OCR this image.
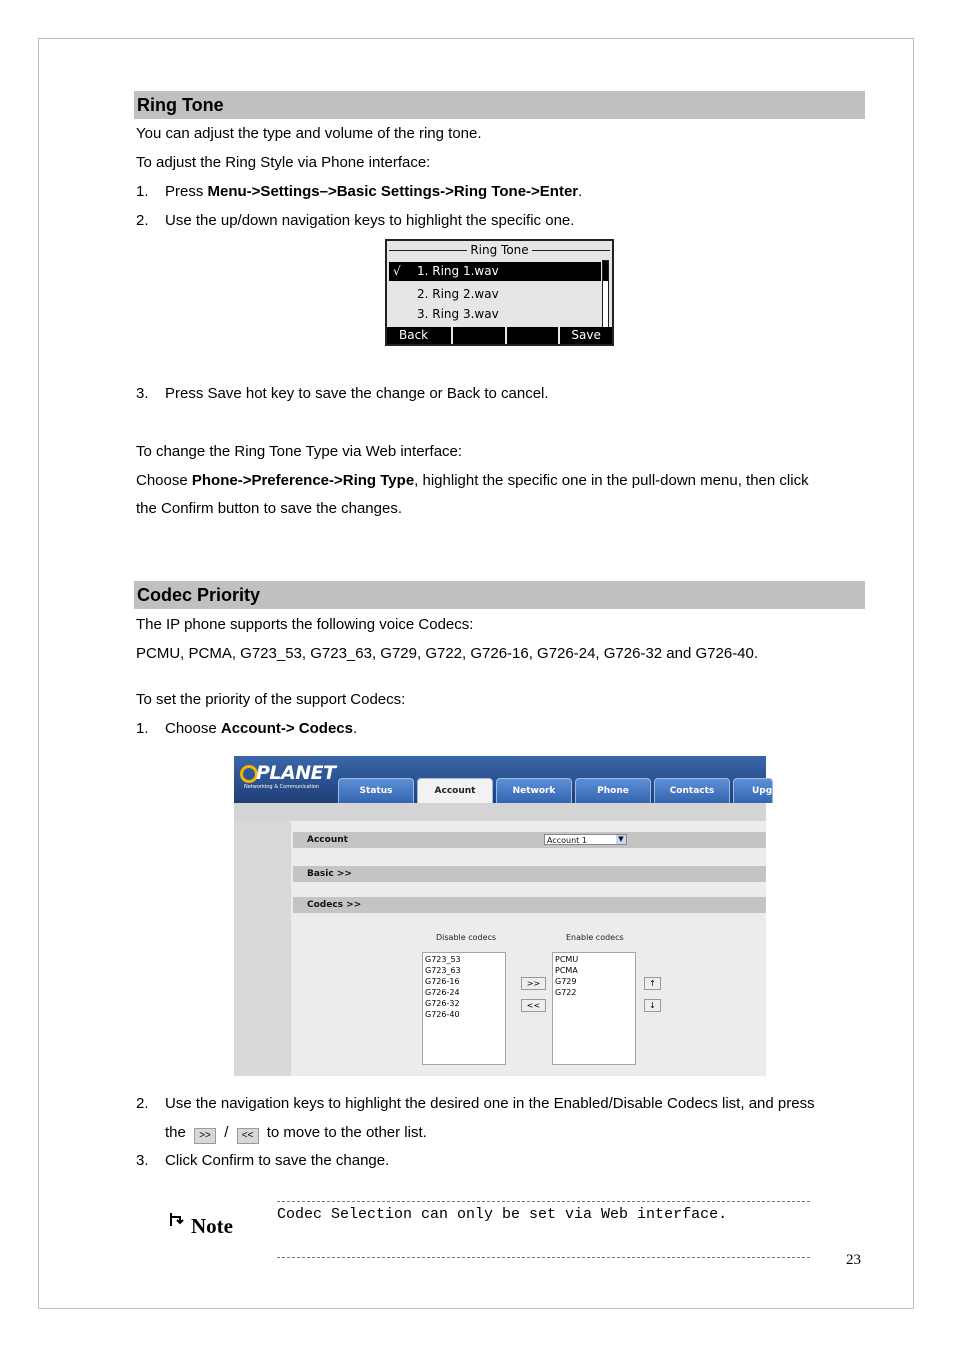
Ring Tone
You can adjust the type and volume of the ring tone.
To adjust the Ring Style via Phone interface:
1. Press Menu->Settings–>Basic Settings->Ring Tone->Enter.
2. Use the up/down navigation keys to highlight the specific one.
Ring Tone
√ 1. Ring 1.wav
2. Ring 2.wav
3. Ring 3.wav
Back	Save
3. Press Save hot key to save the change or Back to cancel.
To change the Ring Tone Type via Web interface:
Choose Phone->Preference->Ring Type, highlight the specific one in the pull-down menu, then click
the Confirm button to save the changes.
Codec Priority
The IP phone supports the following voice Codecs:
PCMU, PCMA, G723_53, G723_63, G729, G722, G726-16, G726-24, G726-32 and G726-40.
To set the priority of the support Codecs:
1. Choose Account-> Codecs.
PLANET
Networking & Communication	Status	Account	Network	Phone	Contacts	Upg
Account	Account 1	▼
Basic >>
Codecs >>
Disable codecs	Enable codecs
G723_53
G723_63
G726-16
G726-24
G726-32
G726-40
PCMU
PCMA
G729
G722
>>
<<
↑
↓
2. Use the navigation keys to highlight the desired one in the Enabled/Disable Codecs list, and press
the >> / << to move to the other list.
3. Click Confirm to save the change.
Note	Codec Selection can only be set via Web interface.
23
